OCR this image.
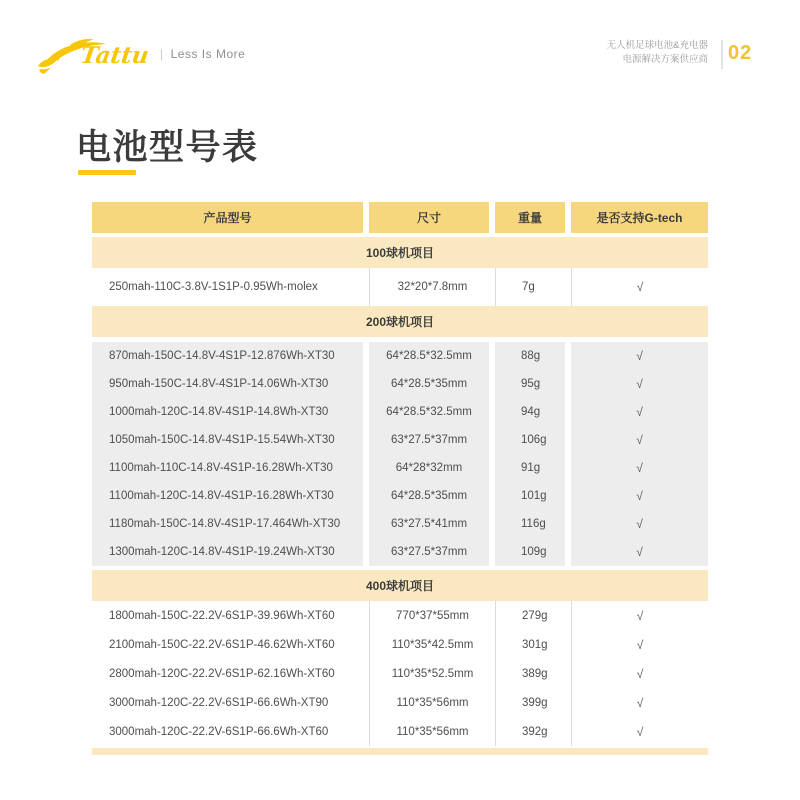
Tattu | Less Is More
无人机足球电池&充电器
电源解决方案供应商 02
电池型号表
产品型号	尺寸	重量	是否支持G-tech
100球机项目
250mah-110C-3.8V-1S1P-0.95Wh-molex	32*20*7.8mm	7g	√
200球机项目
870mah-150C-14.8V-4S1P-12.876Wh-XT30	64*28.5*32.5mm	88g	√
950mah-150C-14.8V-4S1P-14.06Wh-XT30	64*28.5*35mm	95g	√
1000mah-120C-14.8V-4S1P-14.8Wh-XT30	64*28.5*32.5mm	94g	√
1050mah-150C-14.8V-4S1P-15.54Wh-XT30	63*27.5*37mm	106g	√
1100mah-110C-14.8V-4S1P-16.28Wh-XT30	64*28*32mm	91g	√
1100mah-120C-14.8V-4S1P-16.28Wh-XT30	64*28.5*35mm	101g	√
1180mah-150C-14.8V-4S1P-17.464Wh-XT30	63*27.5*41mm	116g	√
1300mah-120C-14.8V-4S1P-19.24Wh-XT30	63*27.5*37mm	109g	√
400球机项目
1800mah-150C-22.2V-6S1P-39.96Wh-XT60	770*37*55mm	279g	√
2100mah-150C-22.2V-6S1P-46.62Wh-XT60	110*35*42.5mm	301g	√
2800mah-120C-22.2V-6S1P-62.16Wh-XT60	110*35*52.5mm	389g	√
3000mah-120C-22.2V-6S1P-66.6Wh-XT90	110*35*56mm	399g	√
3000mah-120C-22.2V-6S1P-66.6Wh-XT60	110*35*56mm	392g	√
